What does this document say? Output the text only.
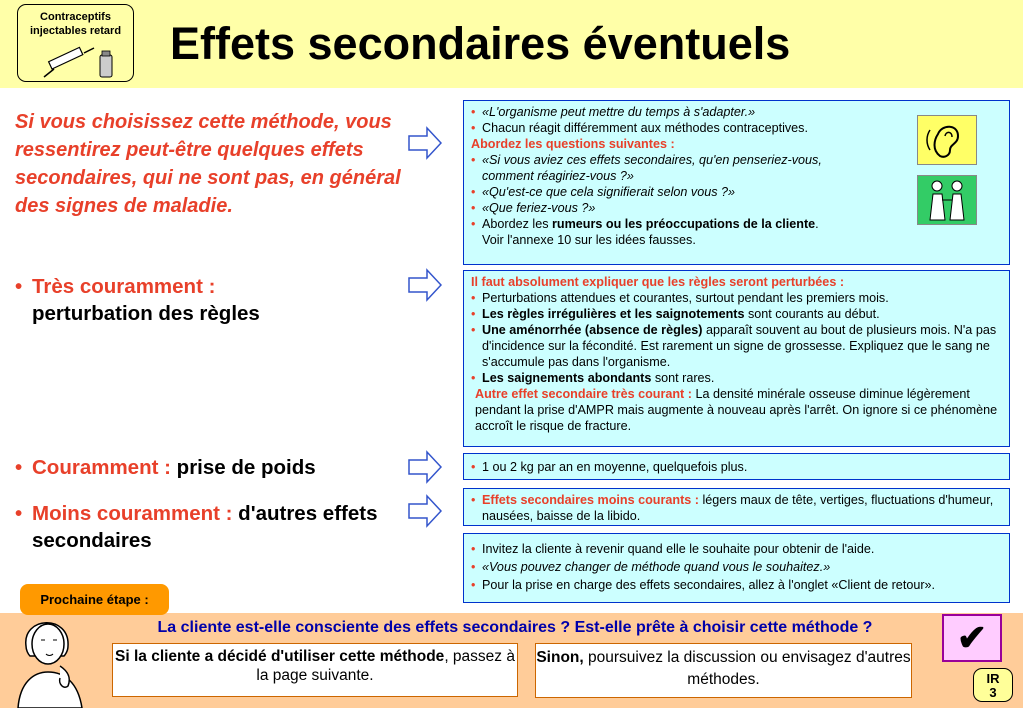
Contraceptifs injectables retard Effets secondaires éventuels
Si vous choisissez cette méthode, vous ressentirez peut-être quelques effets secondaires, qui ne sont pas, en général des signes de maladie.
• Très couramment :
perturbation des règles
• Couramment : prise de poids
• Moins couramment : d'autres effets secondaires
• «L'organisme peut mettre du temps à s'adapter.»
• Chacun réagit différemment aux méthodes contraceptives.
Abordez les questions suivantes :
• «Si vous aviez ces effets secondaires, qu'en penseriez-vous,
comment réagiriez-vous ?»
• «Qu'est-ce que cela signifierait selon vous ?»
• «Que feriez-vous ?»
• Abordez les rumeurs ou les préoccupations de la cliente.
Voir l'annexe 10 sur les idées fausses.
Il faut absolument expliquer que les règles seront perturbées :
• Perturbations attendues et courantes, surtout pendant les premiers mois.
• Les règles irrégulières et les saignotements sont courants au début.
• Une aménorrhée (absence de règles) apparaît souvent au bout de plusieurs mois. N'a pas d'incidence sur la fécondité. Est rarement un signe de grossesse. Expliquez que le sang ne s'accumule pas dans l'organisme.
• Les saignements abondants sont rares.
Autre effet secondaire très courant : La densité minérale osseuse diminue légèrement pendant la prise d'AMPR mais augmente à nouveau après l'arrêt. On ignore si ce phénomène accroît le risque de fracture.
• 1 ou 2 kg par an en moyenne, quelquefois plus.
• Effets secondaires moins courants : légers maux de tête, vertiges, fluctuations d'humeur, nausées, baisse de la libido.
• Invitez la cliente à revenir quand elle le souhaite pour obtenir de l'aide.
• «Vous pouvez changer de méthode quand vous le souhaitez.»
• Pour la prise en charge des effets secondaires, allez à l'onglet «Client de retour».
Prochaine étape :
La cliente est-elle consciente des effets secondaires ? Est-elle prête à choisir cette méthode ?	✔
Si la cliente a décidé d'utiliser cette méthode, passez à la page suivante.
Sinon, poursuivez la discussion ou envisagez d'autres méthodes.	IR
3
